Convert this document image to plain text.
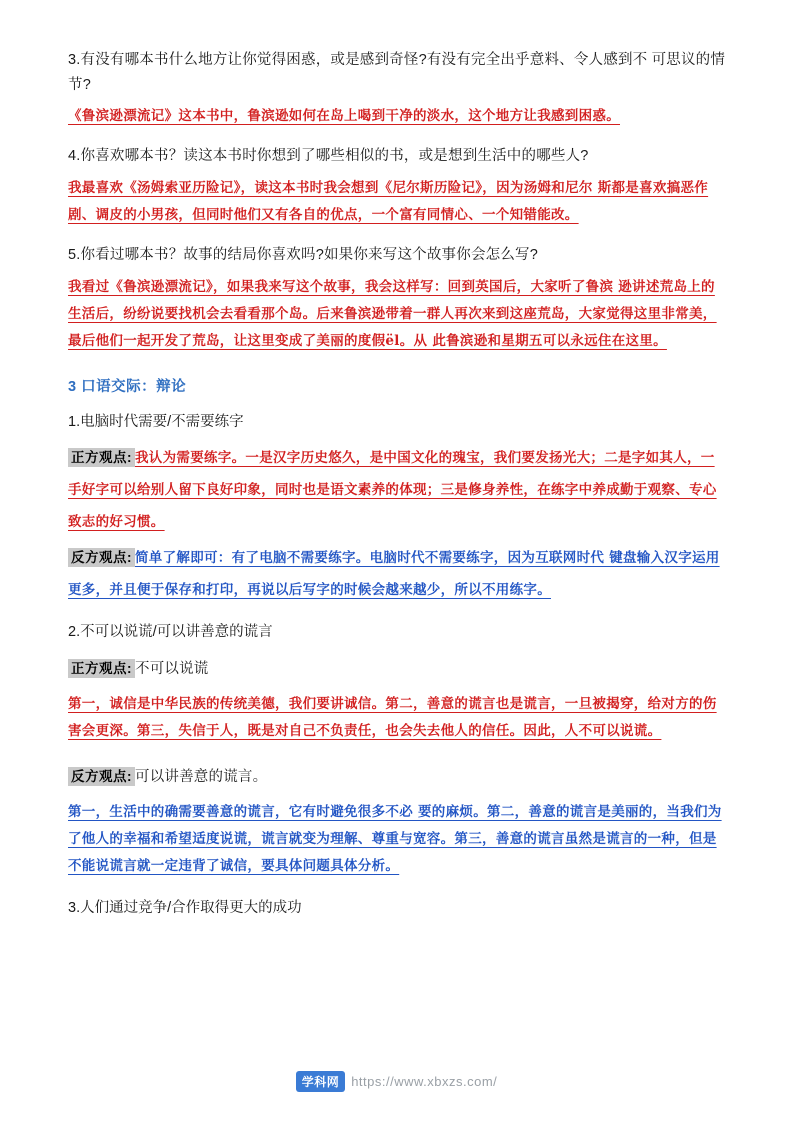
3.有没有哪本书什么地方让你觉得困惑，或是感到奇怪?有没有完全出乎意料、令人感到不 可思议的情节?

《鲁滨逊漂流记》这本书中，鲁滨逊如何在岛上喝到干净的淡水，这个地方让我感到困惑。

4.你喜欢哪本书？读这本书时你想到了哪些相似的书，或是想到生活中的哪些人?

我最喜欢《汤姆索亚历险记》，读这本书时我会想到《尼尔斯历险记》，因为汤姆和尼尔 斯都是喜欢搞恶作剧、调皮的小男孩，但同时他们又有各自的优点，一个富有同情心、一个知错能改。

5.你看过哪本书？故事的结局你喜欢吗?如果你来写这个故事你会怎么写?

我看过《鲁滨逊漂流记》，如果我来写这个故事，我会这样写：回到英国后，大家听了鲁滨 逊讲述荒岛上的生活后，纷纷说要找机会去看看那个岛。后来鲁滨逊带着一群人再次来到这座荒岛，大家觉得这里非常美，最后他们一起开发了荒岛，让这里变成了美丽的度假ël。从 此鲁滨逊和星期五可以永远住在这里。

3 口语交际：辩论

1.电脑时代需要/不需要练字

正方观点: 我认为需要练字。一是汉字历史悠久，是中国文化的瑰宝，我们要发扬光大；二是字如其人，一手好字可以给别人留下良好印象，同时也是语文素养的体现；三是修身养性，在练字中养成勤于观察、专心致志的好习惯。

反方观点: 简单了解即可：有了电脑不需要练字。电脑时代不需要练字，因为互联网时代 键盘输入汉字运用更多，并且便于保存和打印，再说以后写字的时候会越来越少，所以不用练字。

2.不可以说谎/可以讲善意的谎言

正方观点: 不可以说谎

第一，诚信是中华民族的传统美德，我们要讲诚信。第二，善意的谎言也是谎言，一旦被揭穿，给对方的伤害会更深。第三，失信于人，既是对自己不负责任，也会失去他人的信任。因此，人不可以说谎。

反方观点: 可以讲善意的谎言。

第一，生活中的确需要善意的谎言，它有时避免很多不必 要的麻烦。第二，善意的谎言是美丽的，当我们为了他人的幸福和希望适度说谎，谎言就变为理解、尊重与宽容。第三，善意的谎言虽然是谎言的一种，但是不能说谎言就一定违背了诚信，要具体问题具体分析。

3.人们通过竞争/合作取得更大的成功

学科网 https://www.xbxzs.com/
